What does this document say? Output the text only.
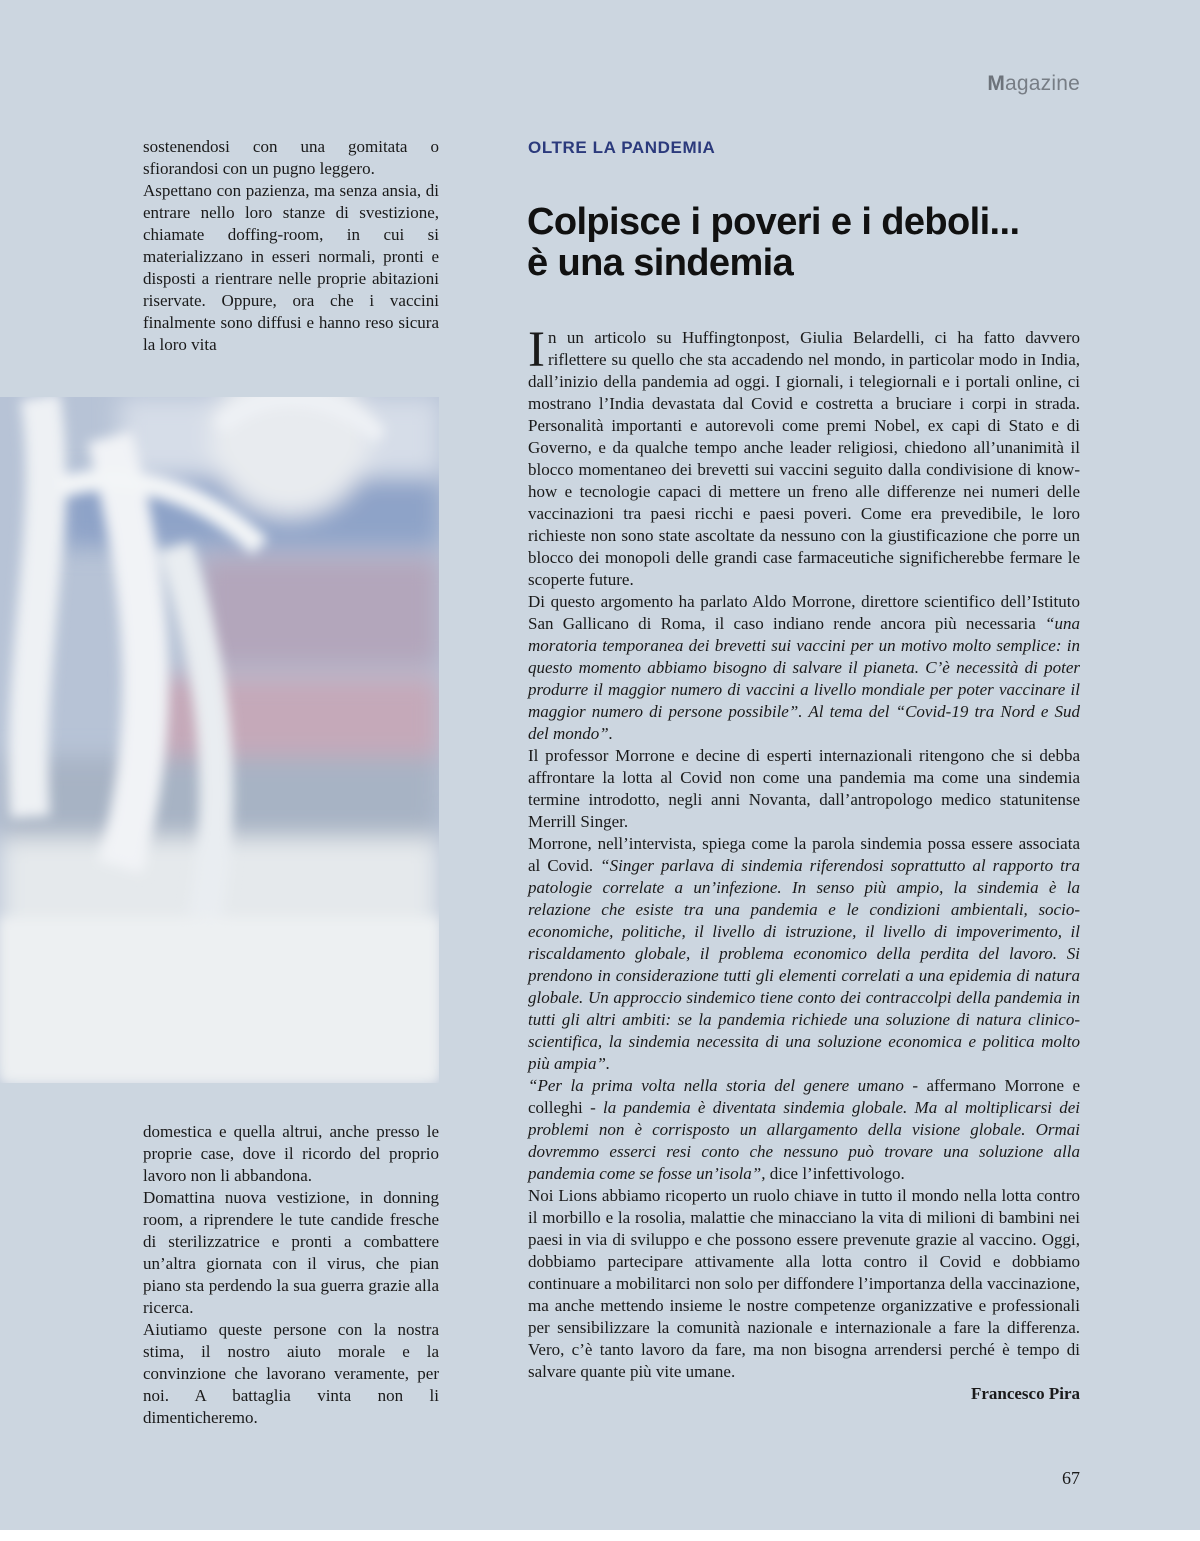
Magazine

sostenendosi con una gomitata o sfiorandosi con un pugno leggero.

Aspettano con pazienza, ma senza ansia, di entrare nello loro stanze di svestizione, chiamate doffing-room, in cui si materializzano in esseri normali, pronti e disposti a rientrare nelle proprie abitazioni riservate. Oppure, ora che i vaccini finalmente sono diffusi e hanno reso sicura la loro vita

domestica e quella altrui, anche presso le proprie case, dove il ricordo del proprio lavoro non li abbandona.

Domattina nuova vestizione, in donning room, a riprendere le tute candide fresche di sterilizzatrice e pronti a combattere un’altra giornata con il virus, che pian piano sta perdendo la sua guerra grazie alla ricerca.

Aiutiamo queste persone con la nostra stima, il nostro aiuto morale e la convinzione che lavorano veramente, per noi. A battaglia vinta non li dimenticheremo.

OLTRE LA PANDEMIA
Colpisce i poveri e i deboli...
è una sindemia

In un articolo su Huffingtonpost, Giulia Belardelli, ci ha fatto davvero riflettere su quello che sta accadendo nel mondo, in particolar modo in India, dall’inizio della pandemia ad oggi. I giornali, i telegiornali e i portali online, ci mostrano l’India devastata dal Covid e costretta a bruciare i corpi in strada. Personalità importanti e autorevoli come premi Nobel, ex capi di Stato e di Governo, e da qualche tempo anche leader religiosi, chiedono all’unanimità il blocco momentaneo dei brevetti sui vaccini seguito dalla condivisione di know-how e tecnologie capaci di mettere un freno alle differenze nei numeri delle vaccinazioni tra paesi ricchi e paesi poveri. Come era prevedibile, le loro richieste non sono state ascoltate da nessuno con la giustificazione che porre un blocco dei monopoli delle grandi case farmaceutiche significherebbe fermare le scoperte future.

Di questo argomento ha parlato Aldo Morrone, direttore scientifico dell’Istituto San Gallicano di Roma, il caso indiano rende ancora più necessaria “una moratoria temporanea dei brevetti sui vaccini per un motivo molto semplice: in questo momento abbiamo bisogno di salvare il pianeta. C’è necessità di poter produrre il maggior numero di vaccini a livello mondiale per poter vaccinare il maggior numero di persone possibile”. Al tema del “Covid-19 tra Nord e Sud del mondo”.

Il professor Morrone e decine di esperti internazionali ritengono che si debba affrontare la lotta al Covid non come una pandemia ma come una sindemia termine introdotto, negli anni Novanta, dall’antropologo medico statunitense Merrill Singer.

Morrone, nell’intervista, spiega come la parola sindemia possa essere associata al Covid. “Singer parlava di sindemia riferendosi soprattutto al rapporto tra patologie correlate a un’infezione. In senso più ampio, la sindemia è la relazione che esiste tra una pandemia e le condizioni ambientali, socio-economiche, politiche, il livello di istruzione, il livello di impoverimento, il riscaldamento globale, il problema economico della perdita del lavoro. Si prendono in considerazione tutti gli elementi correlati a una epidemia di natura globale. Un approccio sindemico tiene conto dei contraccolpi della pandemia in tutti gli altri ambiti: se la pandemia richiede una soluzione di natura clinico-scientifica, la sindemia necessita di una soluzione economica e politica molto più ampia”.

“Per la prima volta nella storia del genere umano - affermano Morrone e colleghi - la pandemia è diventata sindemia globale. Ma al moltiplicarsi dei problemi non è corrisposto un allargamento della visione globale. Ormai dovremmo esserci resi conto che nessuno può trovare una soluzione alla pandemia come se fosse un’isola”, dice l’infettivologo.

Noi Lions abbiamo ricoperto un ruolo chiave in tutto il mondo nella lotta contro il morbillo e la rosolia, malattie che minacciano la vita di milioni di bambini nei paesi in via di sviluppo e che possono essere prevenute grazie al vaccino. Oggi, dobbiamo partecipare attivamente alla lotta contro il Covid e dobbiamo continuare a mobilitarci non solo per diffondere l’importanza della vaccinazione, ma anche mettendo insieme le nostre competenze organizzative e professionali per sensibilizzare la comunità nazionale e internazionale a fare la differenza. Vero, c’è tanto lavoro da fare, ma non bisogna arrendersi perché è tempo di salvare quante più vite umane.

Francesco Pira

67
